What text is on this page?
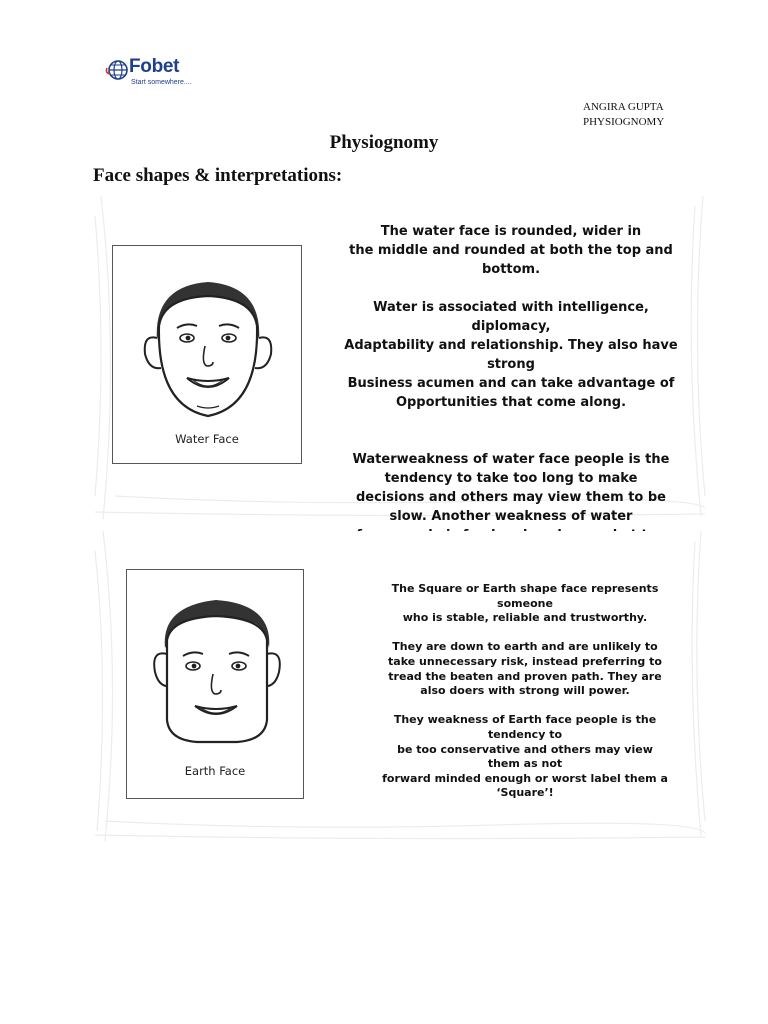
Fobet
Start somewhere....
ANGIRA GUPTA
PHYSIOGNOMY
Physiognomy
Face shapes & interpretations:
Water Face

The water face is rounded, wider in

the middle and rounded at both the top and

bottom.

Water is associated with intelligence,

diplomacy,

Adaptability and relationship. They also have

strong

Business acumen and can take advantage of

Opportunities that come along.

Waterweakness of water face people is the

tendency to take too long to make

decisions and others may view them to be

slow. Another weakness of water

Earth Face

The Square or Earth shape face represents

someone

who is stable, reliable and trustworthy.

They are down to earth and are unlikely to

take unnecessary risk, instead preferring to

tread the beaten and proven path. They are

also doers with strong will power.

They weakness of Earth face people is the

tendency to

be too conservative and others may view

them as not

forward minded enough or worst label them a

‘Square’!
